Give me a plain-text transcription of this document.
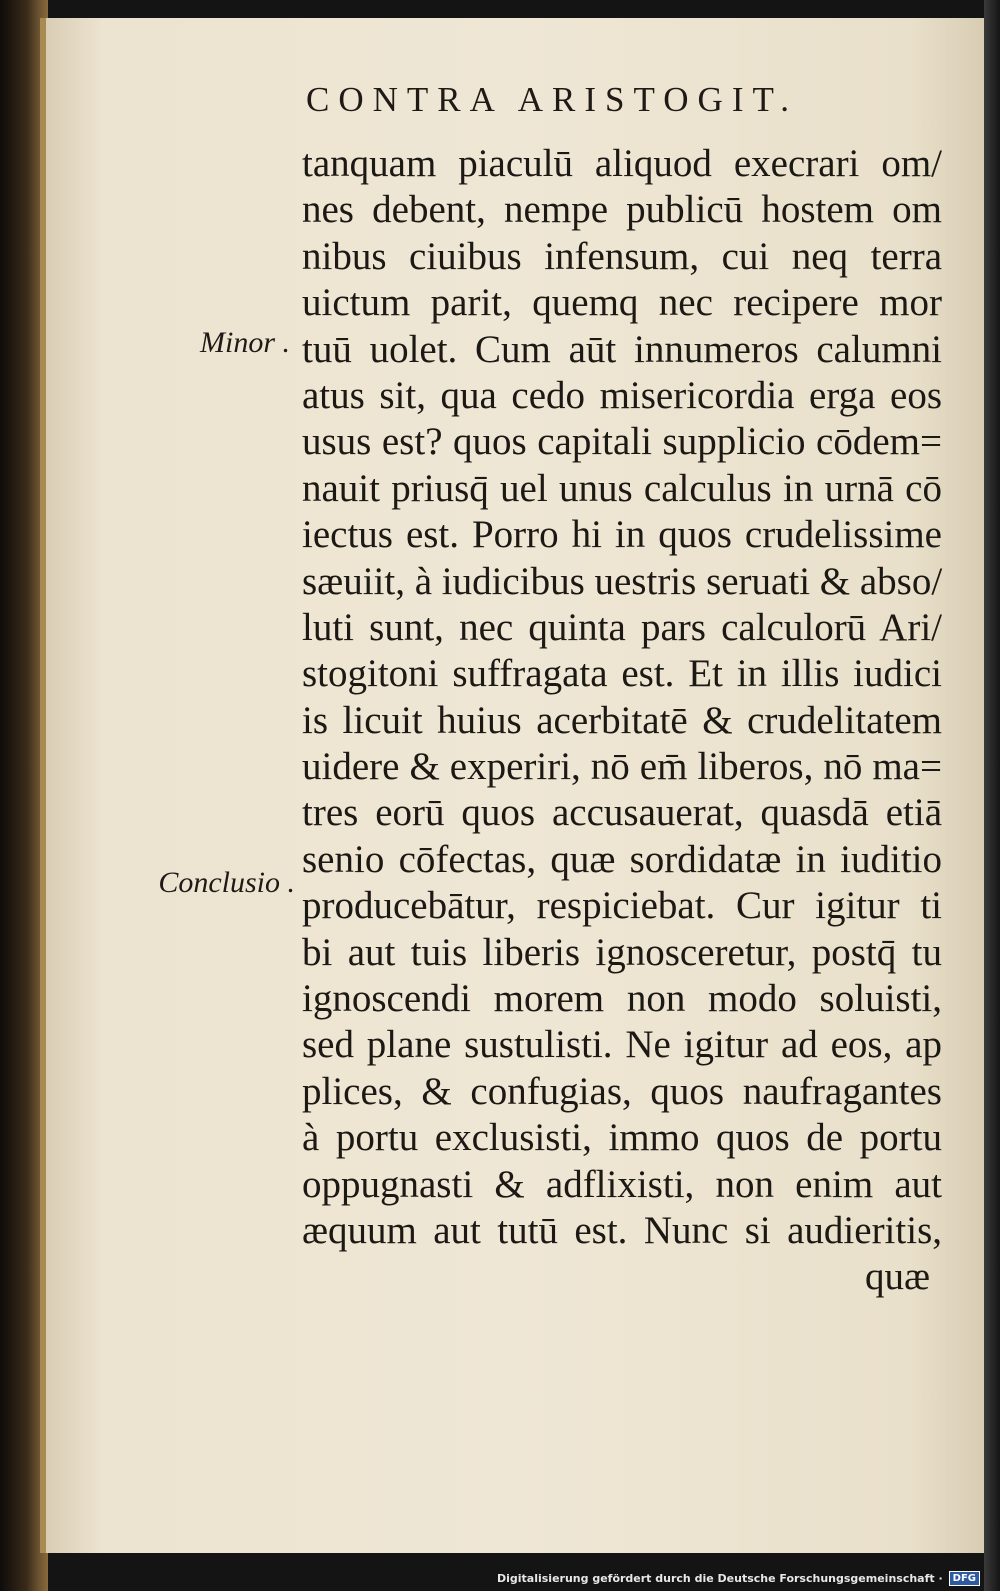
CONTRA ARISTOGIT.
Minor .
Conclusio .
tanquam piaculū aliquod execrari om/
nes debent, nempe publicū hostem om
nibus ciuibus infensum, cui neq terra
uictum parit, quemq nec recipere mor
tuū uolet. Cum aūt innumeros calumni
atus sit, qua cedo misericordia erga eos
usus est? quos capitali supplicio cōdem=
nauit priusq̄ uel unus calculus in urnā cō
iectus est. Porro hi in quos crudelissime
sæuiit, à iudicibus uestris seruati & abso/
luti sunt, nec quinta pars calculorū Ari/
stogitoni suffragata est. Et in illis iudici
is licuit huius acerbitatē & crudelitatem
uidere & experiri, nō em̄ liberos, nō ma=
tres eorū quos accusauerat, quasdā etiā
senio cōfectas, quæ sordidatæ in iuditio
producebātur, respiciebat. Cur igitur ti
bi aut tuis liberis ignosceretur, postq̄ tu
ignoscendi morem non modo soluisti,
sed plane sustulisti. Ne igitur ad eos, ap
plices, & confugias, quos naufragantes
à portu exclusisti, immo quos de portu
oppugnasti & adflixisti, non enim aut
æquum aut tutū est. Nunc si audieritis,
quæ
Digitalisierung gefördert durch die Deutsche Forschungsgemeinschaft ·	DFG
